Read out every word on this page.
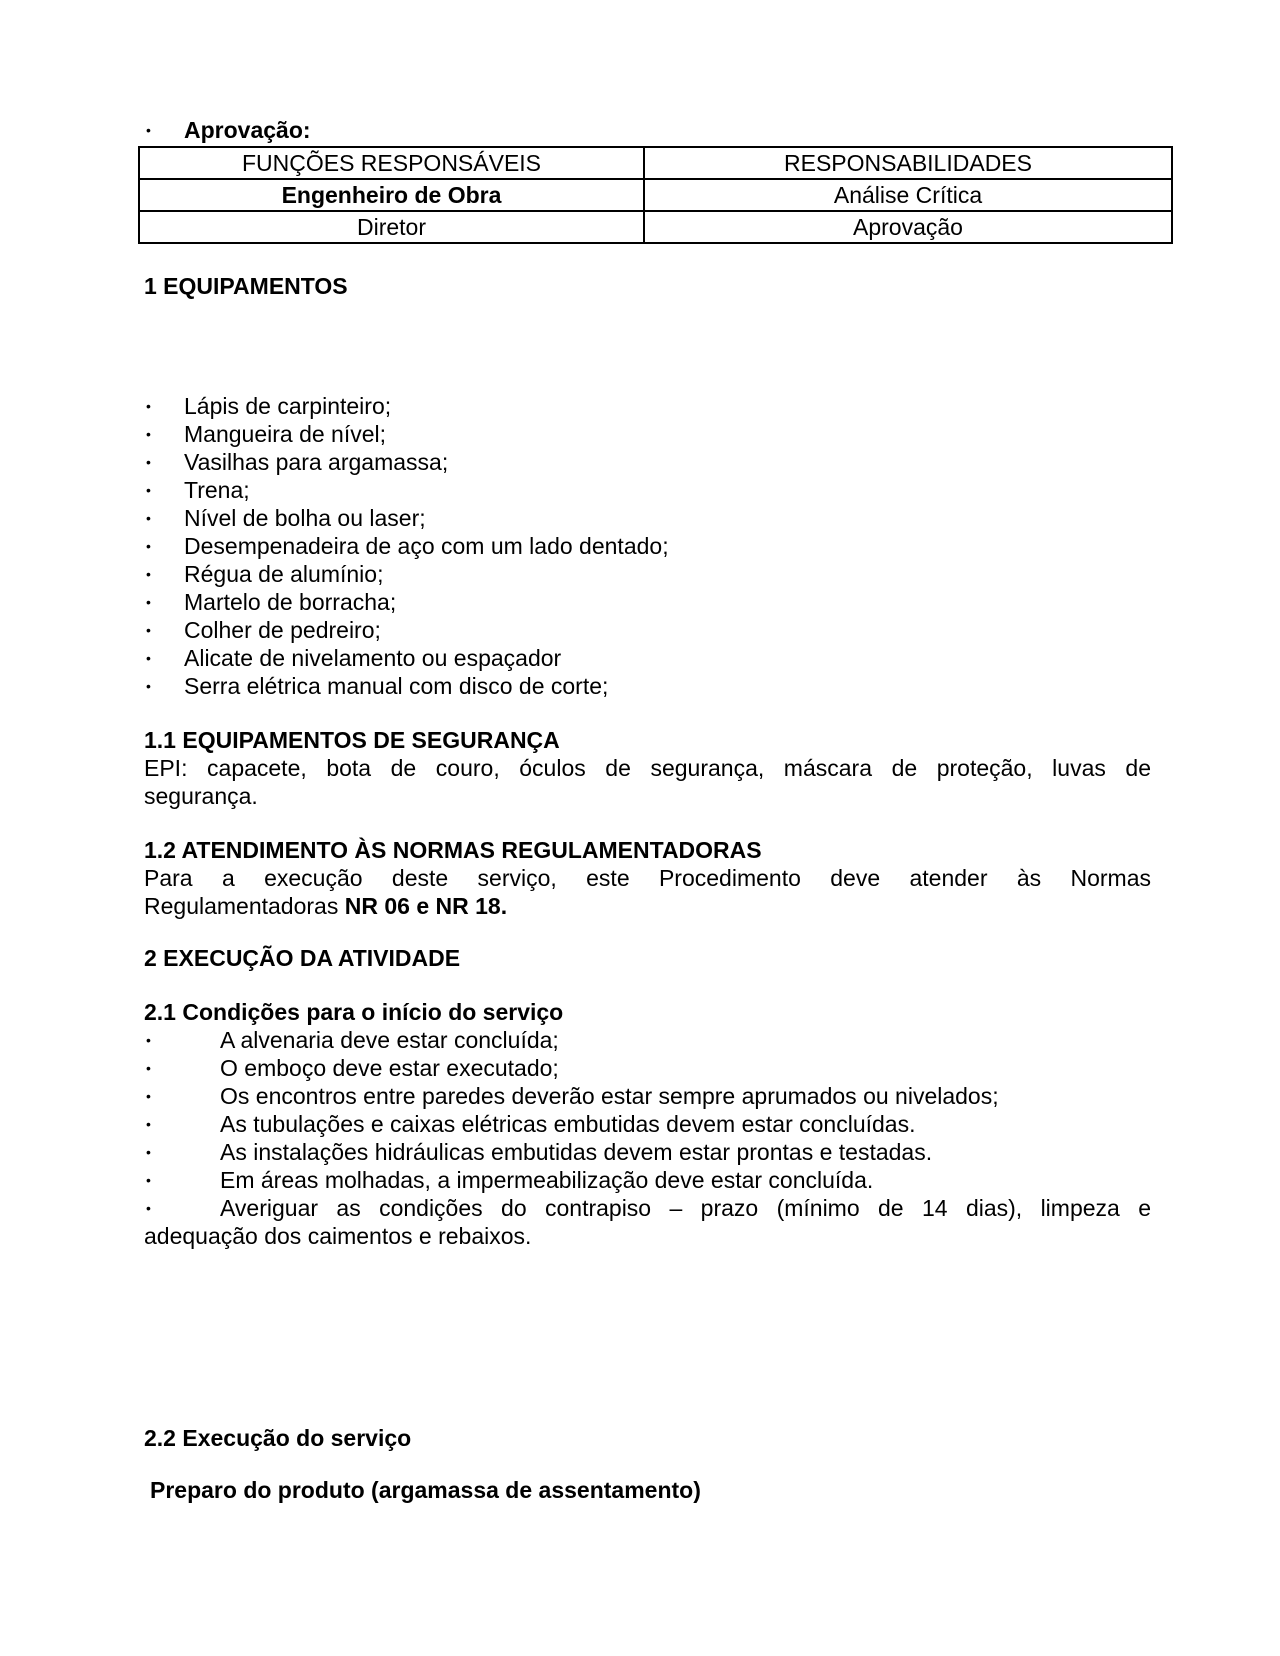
•	Aprovação:
FUNÇÕES RESPONSÁVEIS	RESPONSABILIDADES
Engenheiro de Obra	Análise Crítica
Diretor	Aprovação
1 EQUIPAMENTOS
•	Lápis de carpinteiro;
•	Mangueira de nível;
•	Vasilhas para argamassa;
•	Trena;
•	Nível de bolha ou laser;
•	Desempenadeira de aço com um lado dentado;
•	Régua de alumínio;
•	Martelo de borracha;
•	Colher de pedreiro;
•	Alicate de nivelamento ou espaçador
•	Serra elétrica manual com disco de corte;
1.1 EQUIPAMENTOS DE SEGURANÇA
EPI: capacete, bota de couro, óculos de segurança, máscara de proteção, luvas de
segurança.
1.2 ATENDIMENTO ÀS NORMAS REGULAMENTADORAS
Para a execução deste serviço, este Procedimento deve atender às Normas
Regulamentadoras NR 06 e NR 18.
2 EXECUÇÃO DA ATIVIDADE
2.1 Condições para o início do serviço
•	A alvenaria deve estar concluída;
•	O emboço deve estar executado;
•	Os encontros entre paredes deverão estar sempre aprumados ou nivelados;
•	As tubulações e caixas elétricas embutidas devem estar concluídas.
•	As instalações hidráulicas embutidas devem estar prontas e testadas.
•	Em áreas molhadas, a impermeabilização deve estar concluída.
•	Averiguar as condições do contrapiso – prazo (mínimo de 14 dias), limpeza e
adequação dos caimentos e rebaixos.
2.2 Execução do serviço
Preparo do produto (argamassa de assentamento)
